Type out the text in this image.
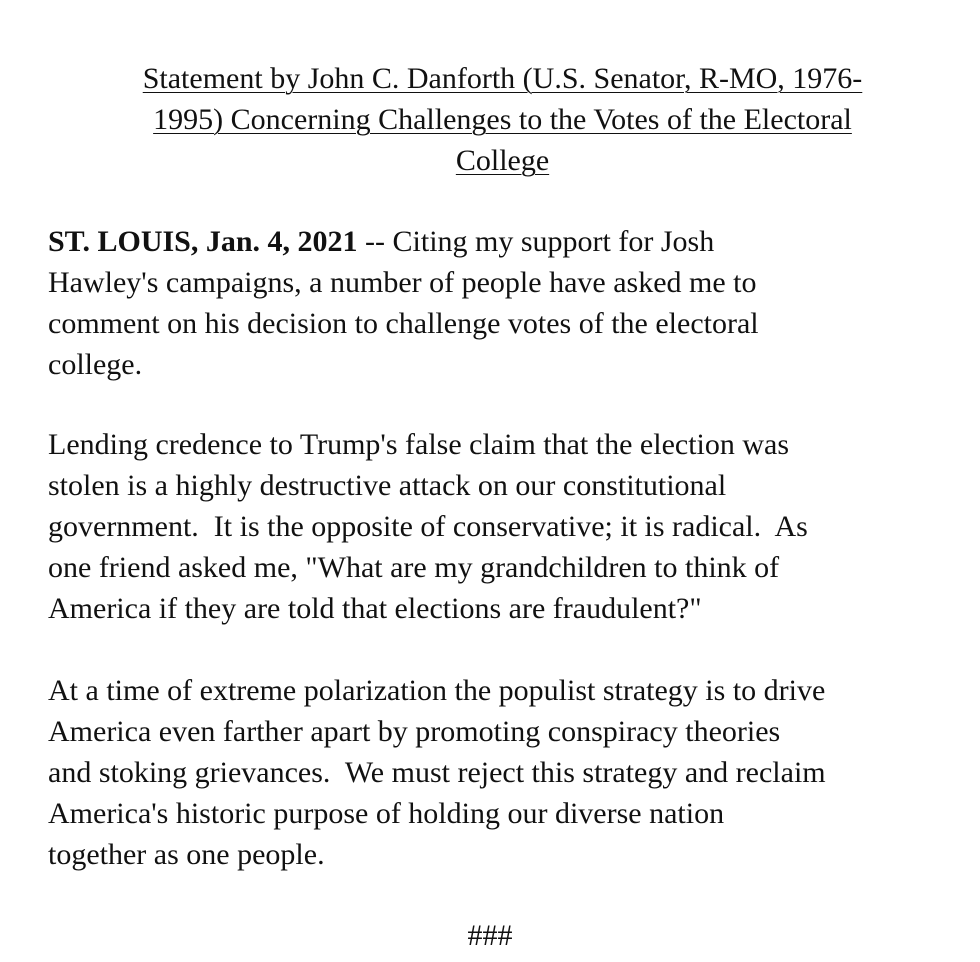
Statement by John C. Danforth (U.S. Senator, R-MO, 1976-
1995) Concerning Challenges to the Votes of the Electoral
College
ST. LOUIS, Jan. 4, 2021 -- Citing my support for Josh
Hawley's campaigns, a number of people have asked me to
comment on his decision to challenge votes of the electoral
college.
Lending credence to Trump's false claim that the election was
stolen is a highly destructive attack on our constitutional
government.  It is the opposite of conservative; it is radical.  As
one friend asked me, "What are my grandchildren to think of
America if they are told that elections are fraudulent?"
At a time of extreme polarization the populist strategy is to drive
America even farther apart by promoting conspiracy theories
and stoking grievances.  We must reject this strategy and reclaim
America's historic purpose of holding our diverse nation
together as one people.
###
